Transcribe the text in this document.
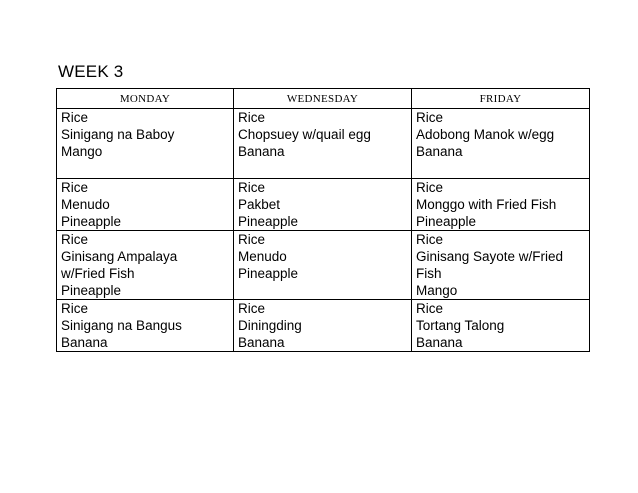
WEEK 3
MONDAY	WEDNESDAY	FRIDAY

Rice
Sinigang na Baboy
Mango	Rice
Chopsuey w/quail egg
Banana	Rice
Adobong Manok w/egg
Banana

Rice
Menudo
Pineapple	Rice
Pakbet
Pineapple	Rice
Monggo with Fried Fish
Pineapple

Rice
Ginisang Ampalaya
w/Fried Fish
Pineapple	Rice
Menudo
Pineapple	Rice
Ginisang Sayote w/Fried
Fish
Mango

Rice
Sinigang na Bangus
Banana	Rice
Diningding
Banana	Rice
Tortang Talong
Banana
